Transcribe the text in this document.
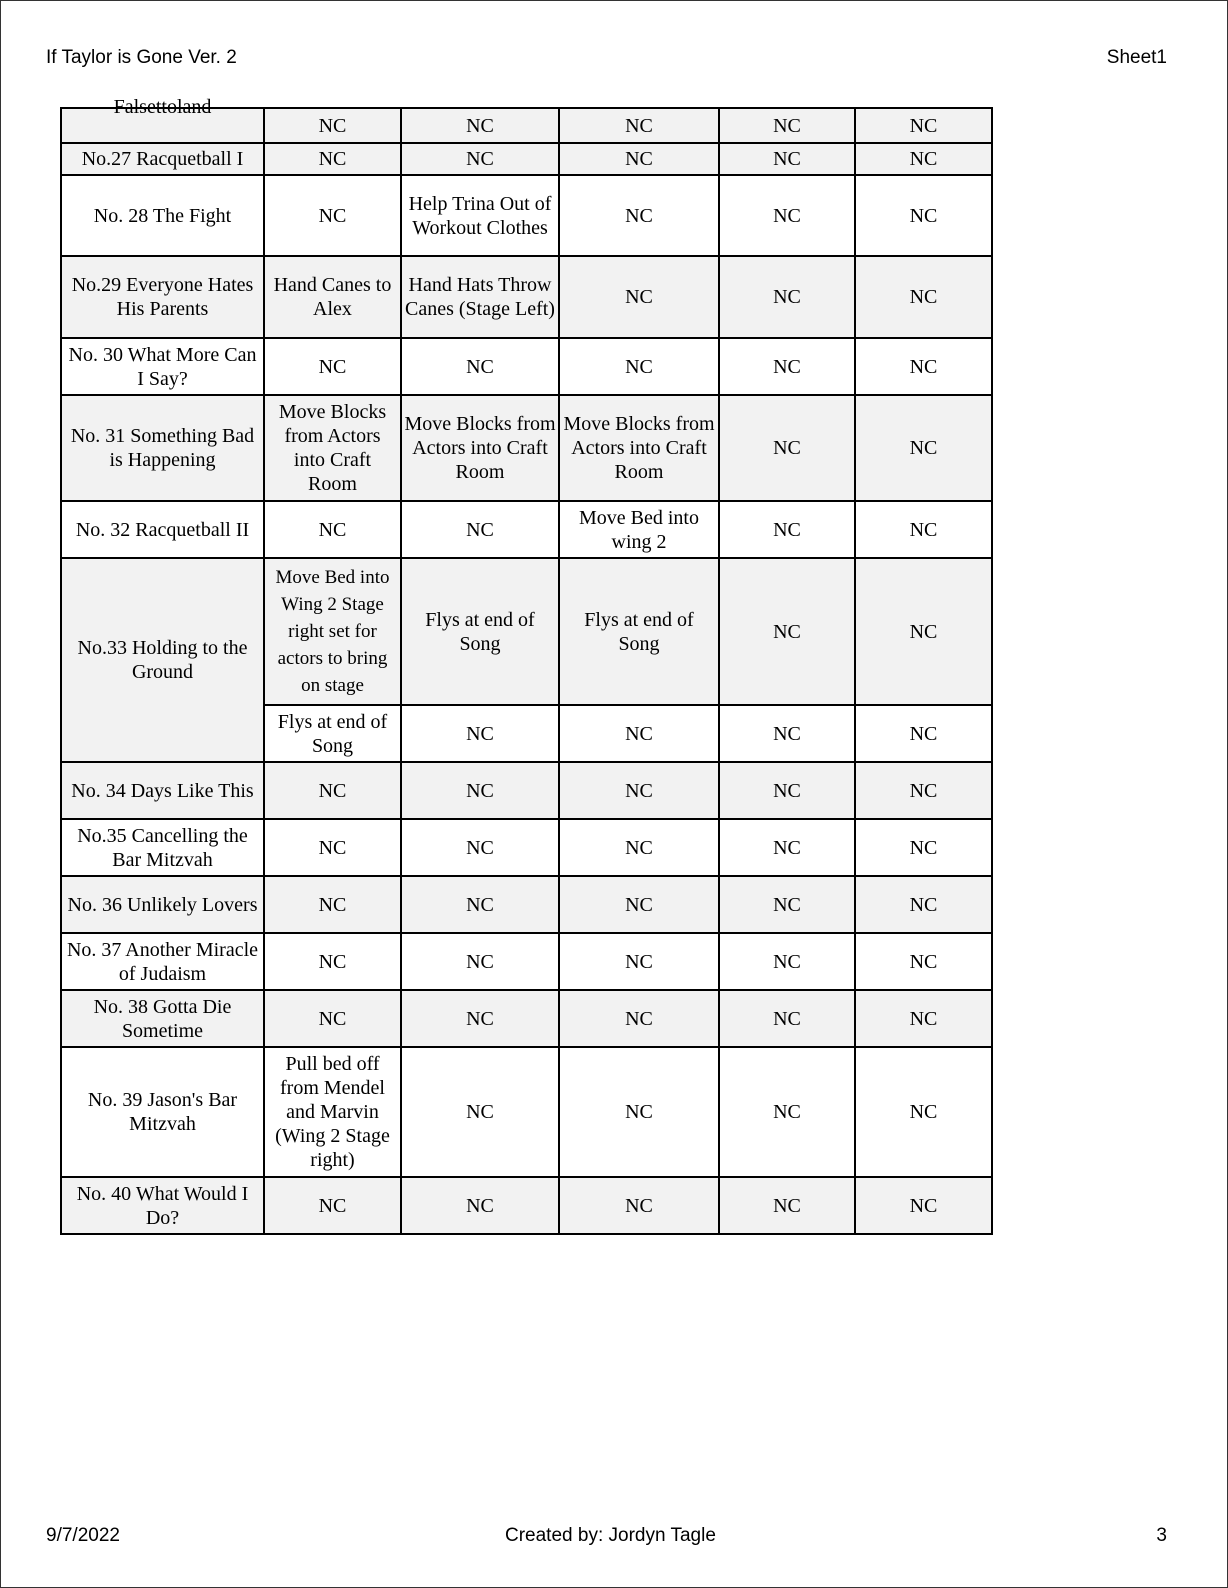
If Taylor is Gone Ver. 2	Sheet1
Falsettoland	NC	NC	NC	NC	NC
No.27 Racquetball I	NC	NC	NC	NC	NC
No. 28 The Fight	NC	Help Trina Out of Workout Clothes	NC	NC	NC
No.29 Everyone Hates His Parents	Hand Canes to Alex	Hand Hats Throw Canes (Stage Left)	NC	NC	NC
No. 30 What More Can I Say?	NC	NC	NC	NC	NC
No. 31 Something Bad is Happening	Move Blocks from Actors into Craft Room	Move Blocks from Actors into Craft Room	Move Blocks from Actors into Craft Room	NC	NC
No. 32 Racquetball II	NC	NC	Move Bed into wing 2	NC	NC
No.33 Holding to the Ground	Move Bed into Wing 2 Stage right set for actors to bring on stage	Flys at end of Song	Flys at end of Song	NC	NC
	Flys at end of Song	NC	NC	NC	NC
No. 34 Days Like This	NC	NC	NC	NC	NC
No.35 Cancelling the Bar Mitzvah	NC	NC	NC	NC	NC
No. 36 Unlikely Lovers	NC	NC	NC	NC	NC
No. 37 Another Miracle of Judaism	NC	NC	NC	NC	NC
No. 38 Gotta Die Sometime	NC	NC	NC	NC	NC
No. 39 Jason's Bar Mitzvah	Pull bed off from Mendel and Marvin (Wing 2 Stage right)	NC	NC	NC	NC
No. 40 What Would I Do?	NC	NC	NC	NC	NC
9/7/2022	Created by: Jordyn Tagle	3
